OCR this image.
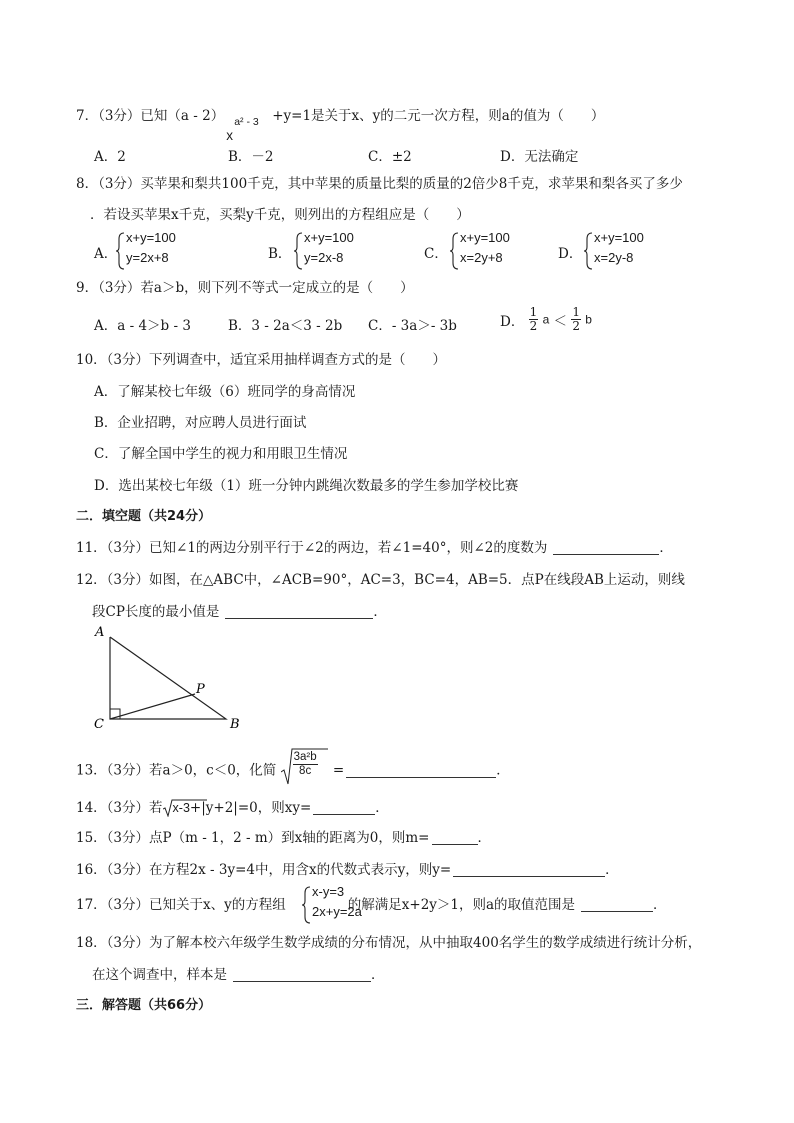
7．（3分）已知（a - 2）
x
a² - 3 +y=1是关于x、y的二元一次方程，则a的值为（　　）
A．2	B．－2	C．±2	D．无法确定
8．（3分）买苹果和梨共100千克，其中苹果的质量比梨的质量的2倍少8千克，求苹果和梨各买了多少
．若设买苹果x千克，买梨y千克，则列出的方程组应是（　　）
A．
x+y=100
y=2x+8	B．
x+y=100
y=2x-8	C．
x+y=100
x=2y+8	D．
x+y=100
x=2y-8
9．（3分）若a＞b，则下列不等式一定成立的是（　　）
A．a - 4＞b - 3	B．3 - 2a＜3 - 2b C．- 3a＞- 3b	D． $\frac{1}{2}$ $a < \frac{1}{2}$ b
10．（3分）下列调查中，适宜采用抽样调查方式的是（　　）
A．了解某校七年级（6）班同学的身高情况
B．企业招聘，对应聘人员进行面试
C．了解全国中学生的视力和用眼卫生情况
D．选出某校七年级（1）班一分钟内跳绳次数最多的学生参加学校比赛
二．填空题（共24分）
11．（3分）已知∠1的两边分别平行于∠2的两边，若∠1=40°，则∠2的度数为	．
12．（3分）如图，在△ABC中，∠ACB=90°，AC=3，BC=4，AB=5．点P在线段AB上运动，则线
段CP长度的最小值是	．
A
C	B
P
13．（3分）若a＞0，c＜0，化简 $\frac{\text{3a²b}}{8c}$ =	．
14．（3分）若 x-3+|y+2|=0，则xy=	．
15．（3分）点P（m - 1，2 - m）到x轴的距离为0，则m=	．
16．（3分）在方程2x - 3y=4中，用含x的代数式表示y，则y=	．
17．（3分）已知关于x、y的方程组	的解满足x+2y＞1，则a的取值范围是	．
x-y=3
2x+y=2a
18．（3分）为了解本校六年级学生数学成绩的分布情况，从中抽取400名学生的数学成绩进行统计分析，
在这个调查中，样本是	．
三．解答题（共66分）
